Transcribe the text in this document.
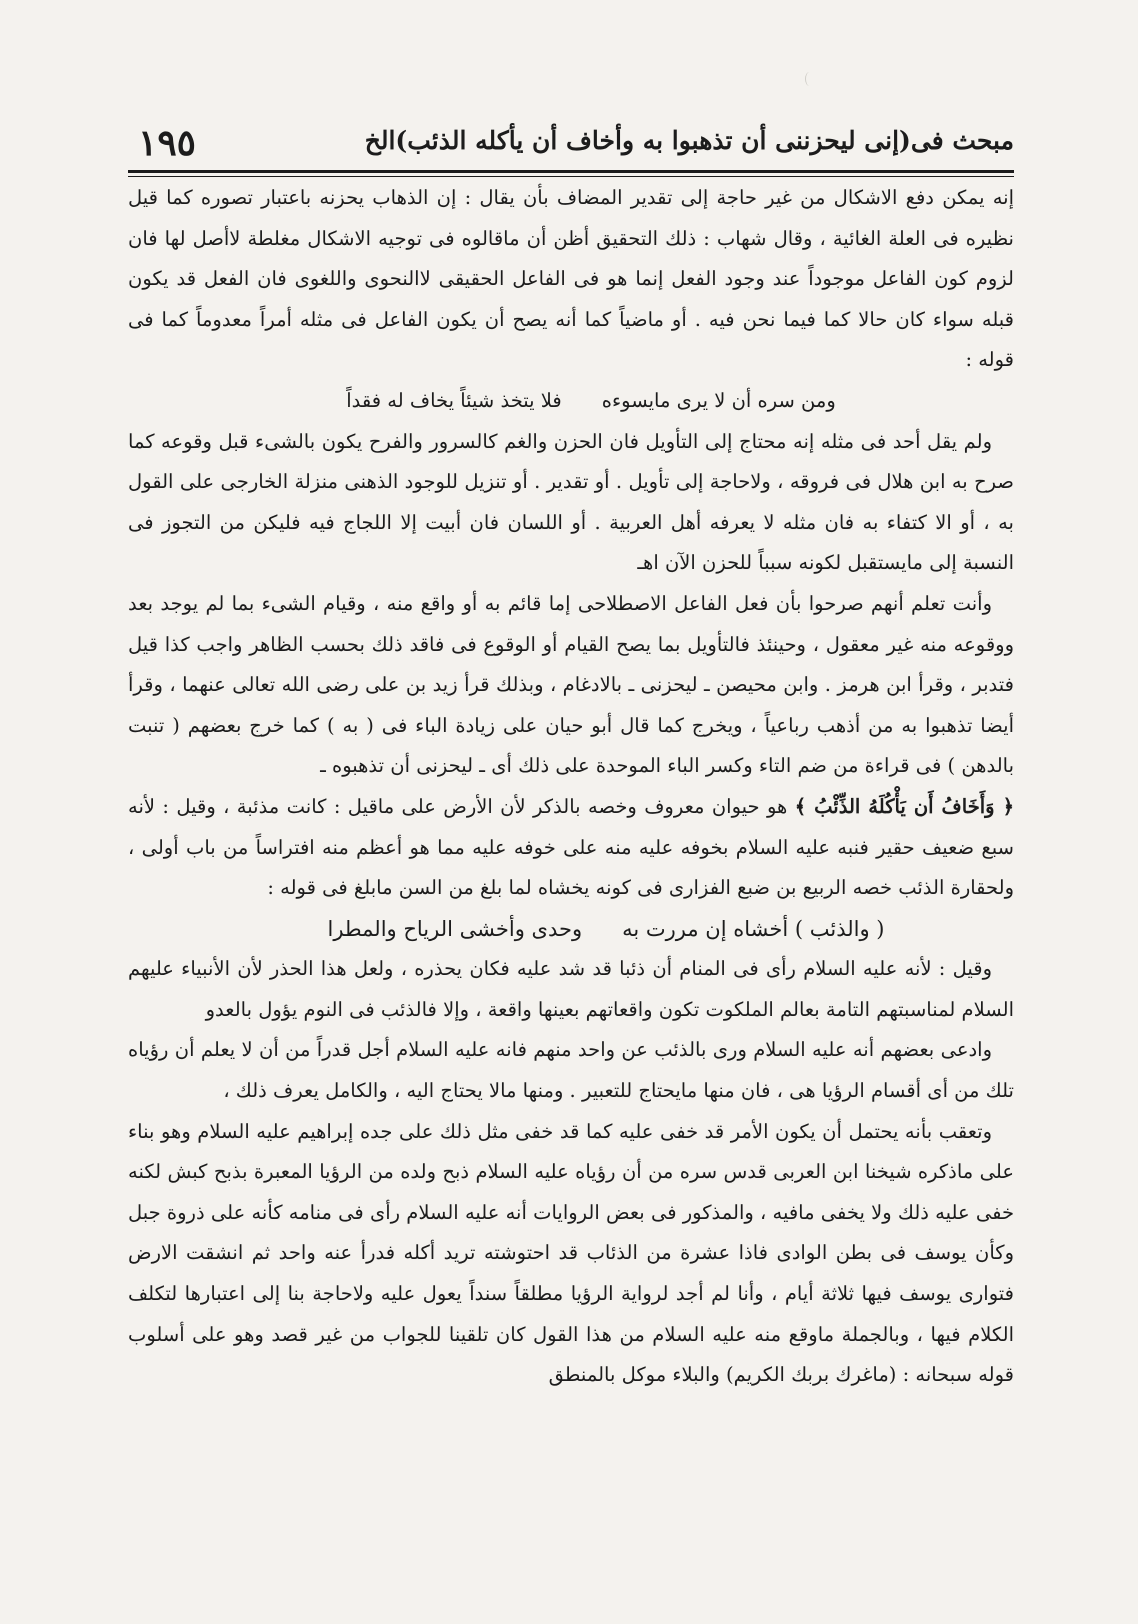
مبحث فى(إنى ليحزننى أن تذهبوا به وأخاف أن يأكله الذئب)الخ
١٩٥

إنه يمكن دفع الاشكال من غير حاجة إلى تقدير المضاف بأن يقال : إن الذهاب يحزنه باعتبار تصوره كما قيل نظيره فى العلة الغائية ، وقال شهاب : ذلك التحقيق أظن أن ماقالوه فى توجيه الاشكال مغلطة لاأصل لها فان لزوم كون الفاعل موجوداً عند وجود الفعل إنما هو فى الفاعل الحقيقى لاالنحوى واللغوى فان الفعل قد يكون قبله سواء كان حالا كما فيما نحن فيه . أو ماضياً كما أنه يصح أن يكون الفاعل فى مثله أمراً معدوماً كما فى قوله :

ومن سره أن لا يرى مايسوءهفلا يتخذ شيئاً يخاف له فقداً

ولم يقل أحد فى مثله إنه محتاج إلى التأويل فان الحزن والغم كالسرور والفرح يكون بالشىء قبل وقوعه كما صرح به ابن هلال فى فروقه ، ولاحاجة إلى تأويل . أو تقدير . أو تنزيل للوجود الذهنى منزلة الخارجى على القول به ، أو الا كتفاء به فان مثله لا يعرفه أهل العربية . أو اللسان فان أبيت إلا اللجاج فيه فليكن من التجوز فى النسبة إلى مايستقبل لكونه سبباً للحزن الآن اهـ

وأنت تعلم أنهم صرحوا بأن فعل الفاعل الاصطلاحى إما قائم به أو واقع منه ، وقيام الشىء بما لم يوجد بعد ووقوعه منه غير معقول ، وحينئذ فالتأويل بما يصح القيام أو الوقوع فى فاقد ذلك بحسب الظاهر واجب كذا قيل فتدبر ، وقرأ ابن هرمز . وابن محيصن ـ ليحزنى ـ بالادغام ، وبذلك قرأ زيد بن على رضى الله تعالى عنهما ، وقرأ أيضا تذهبوا به من أذهب رباعياً ، ويخرج كما قال أبو حيان على زيادة الباء فى ( به ) كما خرج بعضهم ( تنبت بالدهن ) فى قراءة من ضم التاء وكسر الباء الموحدة على ذلك أى ـ ليحزنى أن تذهبوه ـ

﴿ وَأَخَافُ أَن يَأْكُلَهُ الذِّئْبُ ﴾ هو حيوان معروف وخصه بالذكر لأن الأرض على ماقيل : كانت مذئبة ، وقيل : لأنه سبع ضعيف حقير فنبه عليه السلام بخوفه عليه منه على خوفه عليه مما هو أعظم منه افتراساً من باب أولى ، ولحقارة الذئب خصه الربيع بن ضبع الفزارى فى كونه يخشاه لما بلغ من السن مابلغ فى قوله :

( والذئب ) أخشاه إن مررت بهوحدى وأخشى الرياح والمطرا

وقيل : لأنه عليه السلام رأى فى المنام أن ذئبا قد شد عليه فكان يحذره ، ولعل هذا الحذر لأن الأنبياء عليهم السلام لمناسبتهم التامة بعالم الملكوت تكون واقعاتهم بعينها واقعة ، وإلا فالذئب فى النوم يؤول بالعدو

وادعى بعضهم أنه عليه السلام ورى بالذئب عن واحد منهم فانه عليه السلام أجل قدراً من أن لا يعلم أن رؤياه تلك من أى أقسام الرؤيا هى ، فان منها مايحتاج للتعبير . ومنها مالا يحتاج اليه ، والكامل يعرف ذلك ،

وتعقب بأنه يحتمل أن يكون الأمر قد خفى عليه كما قد خفى مثل ذلك على جده إبراهيم عليه السلام وهو بناء على ماذكره شيخنا ابن العربى قدس سره من أن رؤياه عليه السلام ذبح ولده من الرؤيا المعبرة بذبح كبش لكنه خفى عليه ذلك ولا يخفى مافيه ، والمذكور فى بعض الروايات أنه عليه السلام رأى فى منامه كأنه على ذروة جبل وكأن يوسف فى بطن الوادى فاذا عشرة من الذئاب قد احتوشته تريد أكله فدرأ عنه واحد ثم انشقت الارض فتوارى يوسف فيها ثلاثة أيام ، وأنا لم أجد لرواية الرؤيا مطلقاً سنداً يعول عليه ولاحاجة بنا إلى اعتبارها لتكلف الكلام فيها ، وبالجملة ماوقع منه عليه السلام من هذا القول كان تلقينا للجواب من غير قصد وهو على أسلوب قوله سبحانه : (ماغرك بربك الكريم) والبلاء موكل بالمنطق
